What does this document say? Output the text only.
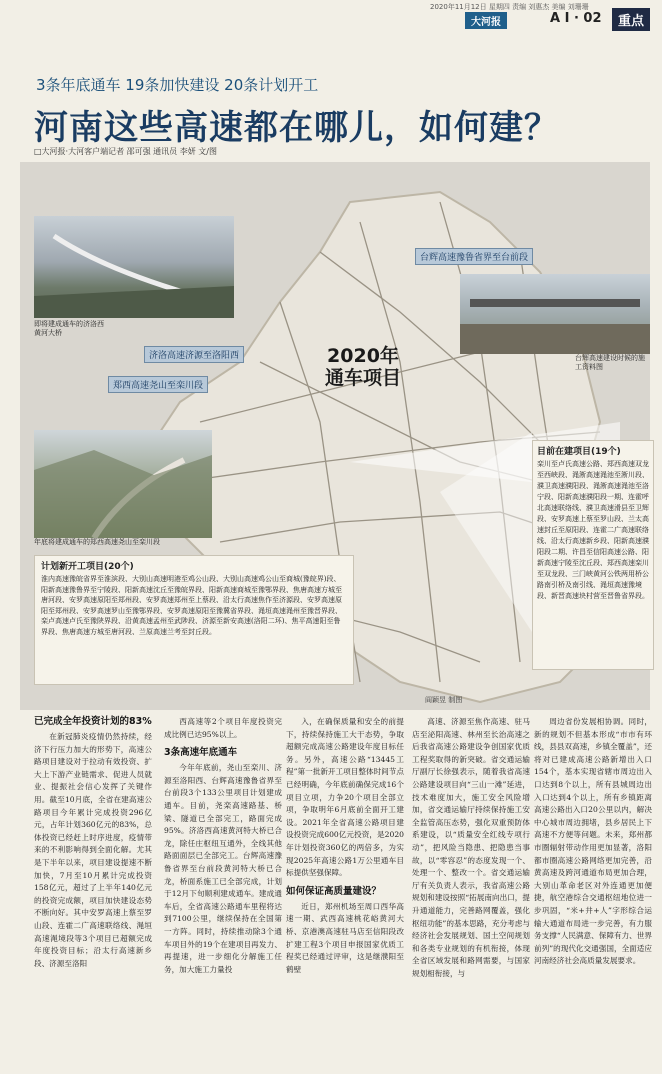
2020年11月12日 星期四 责编 刘惠杰 美编 刘珊珊
大河报	A I · 02	重点
3条年底通车 19条加快建设 20条计划开工
河南这些高速都在哪儿，如何建？
□大河报·大河客户端记者 邵可强 通讯员 李妍 文/图
即将建成通车的济洛西黄河大桥
台辉高速建设时候的施工资料图
年底将建成通车的郑西高速尧山至栾川段
台辉高速豫鲁省界至台前段
济洛高速济源至洛阳西
郑西高速尧山至栾川段
2020年
通车项目
目前在建项目(19个)

栾川至卢氏高速公路、郑西高速双龙至西峡段、渑淅高速渑池至淅川段、濮卫高速濮阳段、渑淅高速渑池至洛宁段、阳新高速濮阳段一期、连霍呼北高速联络线、濮卫高速滑县至卫辉段、安罗高速上蔡至罗山段、兰太高速封丘至原阳段、连霍二广高速联络线、沿太行高速新乡段、阳新高速濮阳段二期、许昌至信阳高速公路、阳新高速宁陵至沈丘段、郑西高速栾川至双龙段、三门峡黄河公铁两用桥公路南引桥及南引线、渑垣高速豫境段、新晋高速块村营至晋鲁省界段。

计划新开工项目(20个)

淮内高速豫皖省界至淮滨段、大别山高速明港至鸡公山段、大别山高速鸡公山至商城(豫皖界)段、阳新高速豫鲁界至宁陵段、阳新高速沈丘至豫皖界段、阳新高速商城至豫鄂界段、焦唐高速方城至唐河段、安罗高速原阳至郑州段、安罗高速郑州至上蔡段、沿太行高速焦作至济源段、安罗高速原阳至郑州段、安罗高速罗山至豫鄂界段、安罗高速原阳至豫冀省界段、渑垣高速渑州至豫晋界段、栾卢高速卢氏至豫陕界段、沿黄高速孟州至武陟段、济源至新安高速(洛阳二环)、焦平高速阳至鲁界段、焦唐高速方城至唐河段、兰原高速兰考至封丘段。

阎颖昱 制图
已完成全年投资计划的83%

在新冠肺炎疫情仍然持续，经济下行压力加大的形势下，高速公路项目建设对于拉动有效投资、扩大上下游产业链需求、促进人员就业、提振社会信心发挥了关键作用。截至10月底，全省在建高速公路项目今年累计完成投资296亿元，占年计划360亿元的83%，总体投资已经赶上时序进度，疫情带来的不利影响得到全面化解。尤其是下半年以来，项目建设提速不断加快，7月至10月累计完成投资158亿元，超过了上半年140亿元的投资完成额，项目加快建设态势不断向好。其中安罗高速上蔡至罗山段、连霍二广高速联络线、渑垣高速渑境段等3个项目已超额完成年度投资目标；沿太行高速新乡段、济源至洛阳

西高速等2个项目年度投资完成比例已达95%以上。

3条高速年底通车

今年年底前，尧山至栾川、济源至洛阳西、台辉高速豫鲁省界至台前段3个133公里项目计划建成通车。目前，尧栾高速路基、桥梁、隧道已全部完工，路面完成95%。济洛西高速黄河特大桥已合龙，除任庄枢纽互通外，全线其他路面面层已全部完工。台辉高速豫鲁省界至台前段黄河特大桥已合龙，桥面系施工已全部完成，计划于12月下旬顺利建成通车。建成通车后，全省高速公路通车里程将达到7100公里，继续保持在全国第一方阵。同时，持续推动除3个通车项目外的19个在建项目再发力、再提速，进一步细化分解施工任务，加大施工力量投

入，在确保质量和安全的前提下，持续保持施工大干态势，争取超额完成高速公路建设年度目标任务。另外，高速公路“13445工程”第一批新开工项目整体时间节点已经明确，今年底前确保完成16个项目立项，力争20个项目全部立项，争取明年6月底前全面开工建设。2021年全省高速公路项目建设投资完成600亿元投资，是2020年计划投资360亿的两倍多，为实现2025年高速公路1万公里通车目标提供坚强保障。

如何保证高质量建设？

近日，郑州机场至周口西华高速一期、武西高速桃花峪黄河大桥、京港澳高速驻马店至信阳段改扩建工程3个项目申报国家优质工程奖已经通过评审，这是继濮阳至鹤壁

高速、济源至焦作高速、驻马店至泌阳高速、林州至长治高速之后我省高速公路建设争创国家优质工程奖取得的新突破。省交通运输厅副厅长徐强表示，随着我省高速公路建设项目向“三山一滩”延进，技术难度加大，施工安全风险增加，省交通运输厅持续保持施工安全监管高压态势，强化双重预防体系建设，以“质量安全红线专项行动”，把风险当隐患、把隐患当事故，以“零容忍”的态度发现一个、处理一个、整改一个。省交通运输厅有关负责人表示，我省高速公路规划和建设按照“拓展南向出口，提升通道能力，完善路网覆盖，强化枢纽功能”的基本思路，充分考虑与经济社会发展规划、国土空间规划和各类专业规划的有机衔接，体现全省区域发展和路网需要，与国家规划相衔接，与

周边省份发展相协调。同时，新的规划不但基本形成“市市有环线，县县双高速，乡镇全覆盖”，还将对已建成高速公路新增出入口154个，基本实现省辖市周边出入口达到8个以上，所有县城周边出入口达到4个以上，所有乡镇距离高速公路出入口20公里以内，解决中心城市周边拥堵，县乡居民上下高速不方便等问题。未来，郑州都市圈辐射带动作用更加显著，洛阳都市圈高速公路网络更加完善，沿黄高速及跨河通道布局更加合理，大别山革命老区对外连通更加便捷，航空港综合交通枢纽地位进一步巩固，“米+井+人”字形综合运输大通道布局进一步完善，有力服务支撑“人民满意、保障有力、世界前列”的现代化交通强国，全面适应河南经济社会高质量发展要求。
